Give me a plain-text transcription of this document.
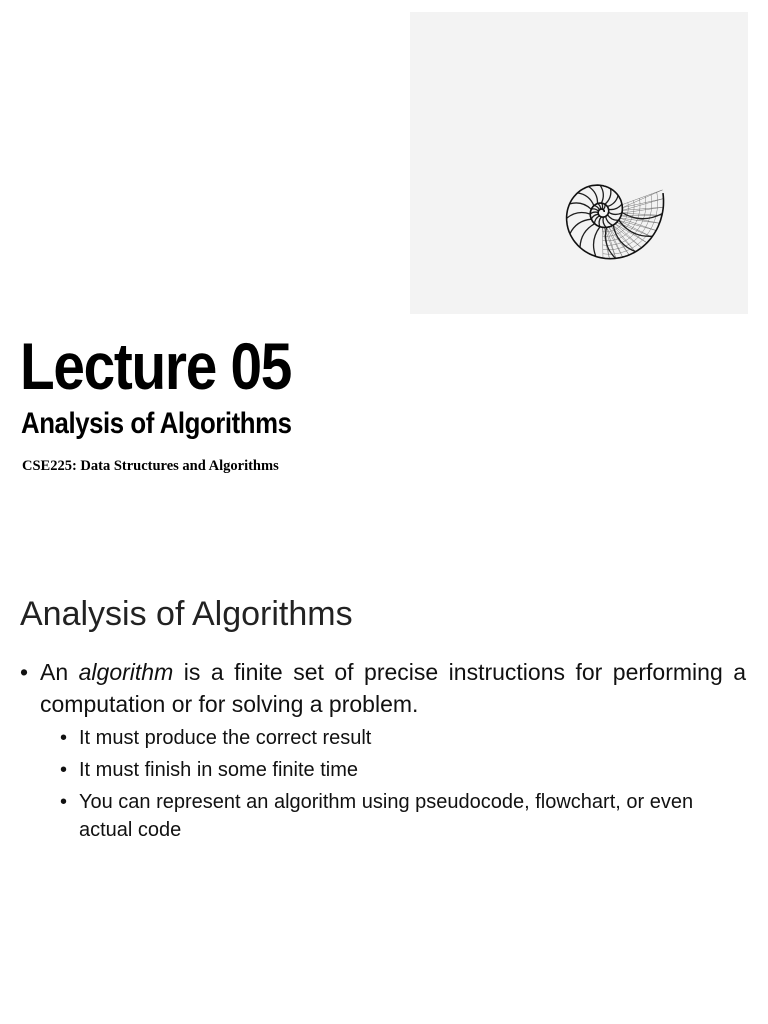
Lecture 05
Analysis of Algorithms

CSE225: Data Structures and Algorithms

Analysis of Algorithms
• An algorithm is a finite set of precise instructions for performing a computation or for solving a problem.
• It must produce the correct result
• It must finish in some finite time
• You can represent an algorithm using pseudocode, flowchart, or even actual code
